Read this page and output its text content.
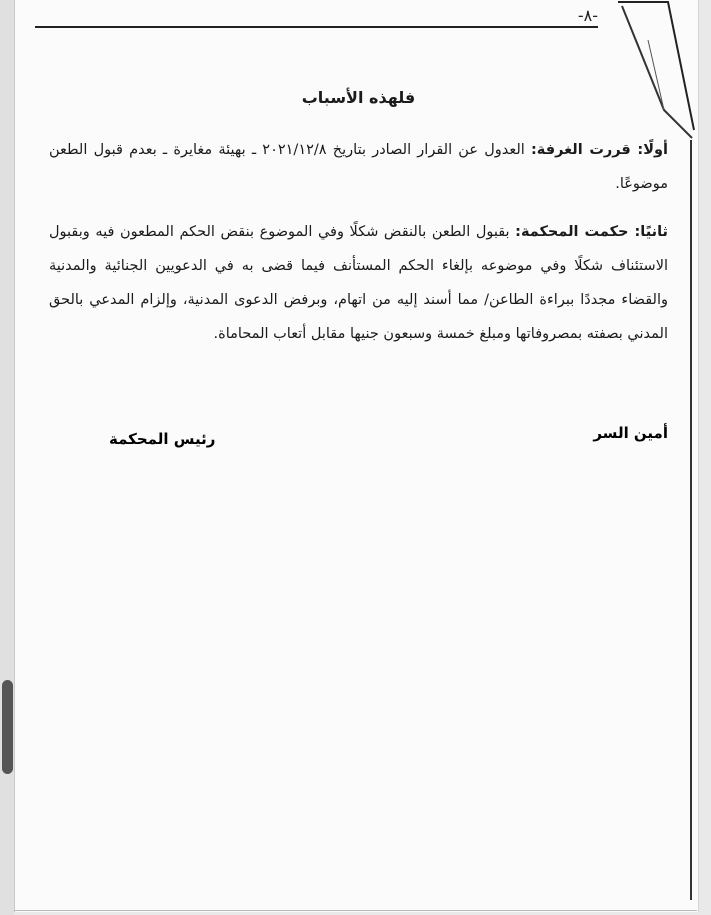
-٨-
فلهذه الأسباب

أولًا: قررت الغرفة: العدول عن القرار الصادر بتاريخ ٢٠٢١/١٢/٨ ـ بهيئة مغايرة ـ بعدم قبول الطعن موضوعًا.

ثانيًا: حكمت المحكمة: بقبول الطعن بالنقض شكلًا وفي الموضوع بنقض الحكم المطعون فيه وبقبول الاستئناف شكلًا وفي موضوعه بإلغاء الحكم المستأنف فيما قضى به في الدعويين الجنائية والمدنية والقضاء مجددًا ببراءة الطاعن/ مما أسند إليه من اتهام، وبرفض الدعوى المدنية، وإلزام المدعي بالحق المدني بصفته بمصروفاتها ومبلغ خمسة وسبعون جنيها مقابل أتعاب المحاماة.

أمين السر
رئيس المحكمة
